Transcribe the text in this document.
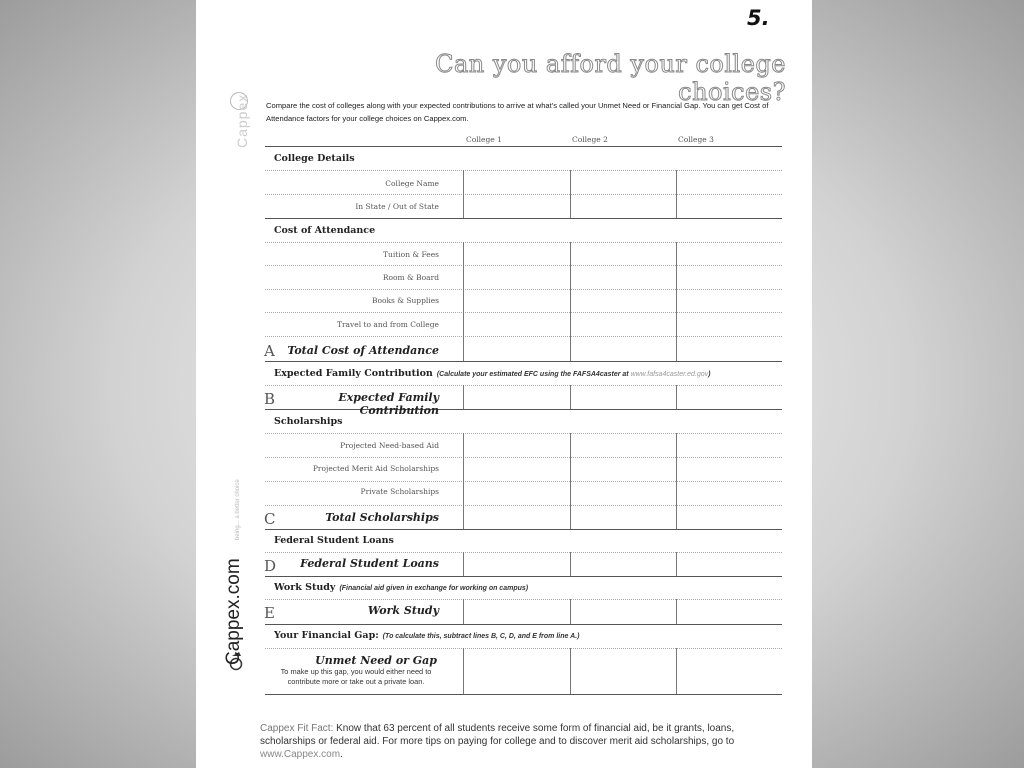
5.
Can you afford your college choices?
Cappex Compare the cost of colleges along with your expected contributions to arrive at what's called your Unmet Need or Financial Gap. You can get Cost of Attendance factors for your college choices on Cappex.com.
College 1	College 2	College 3
College Details
College Name
In State / Out of State
Cost of Attendance
Tuition & Fees
Room & Board
Books & Supplies
Travel to and from College
A	Total Cost of Attendance
Expected Family Contribution (Calculate your estimated EFC using the FAFSA4caster at www.fafsa4caster.ed.gov)
B	Expected Family Contribution
Scholarships
Projected Need-based Aid
Projected Merit Aid Scholarships
Private Scholarships
C	Total Scholarships
Federal Student Loans
D	Federal Student Loans
Work Study (Financial aid given in exchange for working on campus)
E	Work Study
Your Financial Gap: (To calculate this, subtract lines B, C, D, and E from line A.)
Unmet Need or Gap
To make up this gap, you would either need to contribute more or take out a private loan.
Cappex.com
being... a better choice
Cappex Fit Fact: Know that 63 percent of all students receive some form of financial aid, be it grants, loans, scholarships or federal aid. For more tips on paying for college and to discover merit aid scholarships, go to www.Cappex.com.
